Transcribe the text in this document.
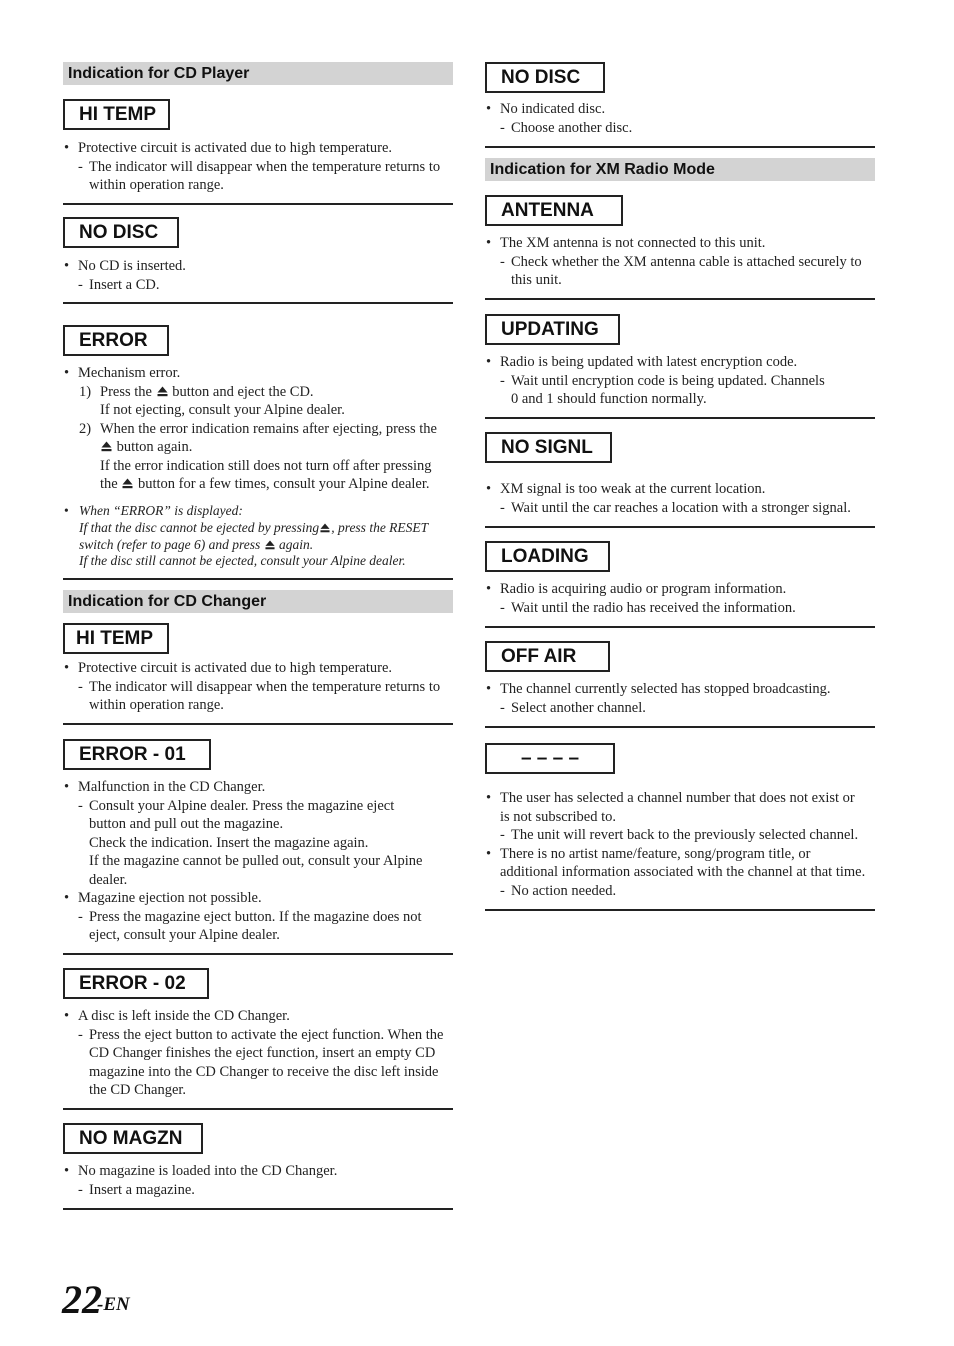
Indication for CD Player
HI TEMP
• Protective circuit is activated due to high temperature.
- The indicator will disappear when the temperature returns to
within operation range.
NO DISC
• No CD is inserted.
- Insert a CD.
ERROR
• Mechanism error.
1) Press the button and eject the CD.
If not ejecting, consult your Alpine dealer.
2) When the error indication remains after ejecting, press the
button again.
If the error indication still does not turn off after pressing
the button for a few times, consult your Alpine dealer.
• When “ERROR” is displayed:
If that the disc cannot be ejected by pressing , press the RESET
switch (refer to page 6) and press again.
If the disc still cannot be ejected, consult your Alpine dealer.
Indication for CD Changer
HI TEMP
• Protective circuit is activated due to high temperature.
- The indicator will disappear when the temperature returns to
within operation range.
ERROR - 01
• Malfunction in the CD Changer.
- Consult your Alpine dealer. Press the magazine eject
button and pull out the magazine.
Check the indication. Insert the magazine again.
If the magazine cannot be pulled out, consult your Alpine
dealer.
• Magazine ejection not possible.
- Press the magazine eject button. If the magazine does not
eject, consult your Alpine dealer.
ERROR - 02
• A disc is left inside the CD Changer.
- Press the eject button to activate the eject function. When the
CD Changer finishes the eject function, insert an empty CD
magazine into the CD Changer to receive the disc left inside
the CD Changer.
NO MAGZN
• No magazine is loaded into the CD Changer.
- Insert a magazine.
NO DISC
• No indicated disc.
- Choose another disc.
Indication for XM Radio Mode
ANTENNA
• The XM antenna is not connected to this unit.
- Check whether the XM antenna cable is attached securely to
this unit.
UPDATING
• Radio is being updated with latest encryption code.
- Wait until encryption code is being updated. Channels
0 and 1 should function normally.
NO SIGNL
• XM signal is too weak at the current location.
- Wait until the car reaches a location with a stronger signal.
LOADING
• Radio is acquiring audio or program information.
- Wait until the radio has received the information.
OFF AIR
• The channel currently selected has stopped broadcasting.
- Select another channel.
– – – –
• The user has selected a channel number that does not exist or
is not subscribed to.
- The unit will revert back to the previously selected channel.
• There is no artist name/feature, song/program title, or
additional information associated with the channel at that time.
- No action needed.
22
-EN
